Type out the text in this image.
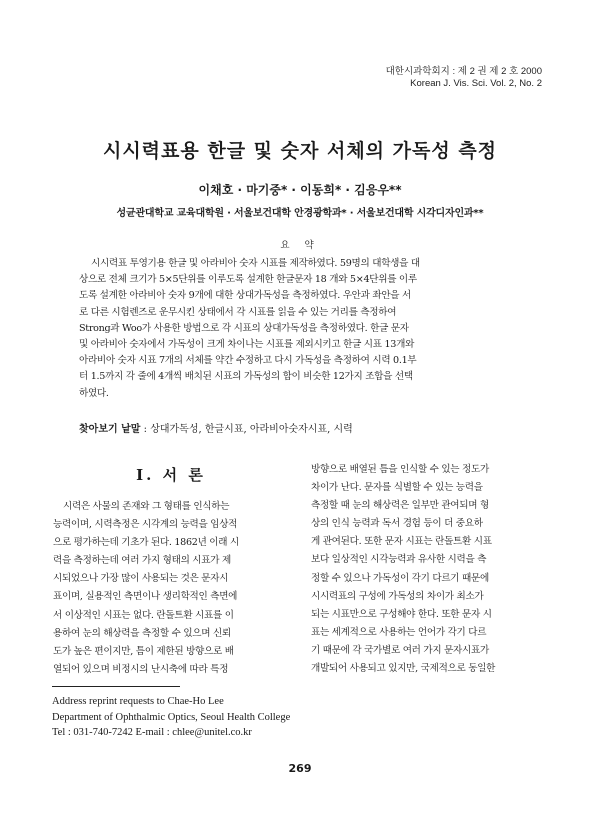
대한시과학회지 : 제 2 권 제 2 호 2000
Korean J. Vis. Sci. Vol. 2, No. 2
시시력표용 한글 및 숫자 서체의 가독성 측정
이채호 · 마기중* · 이동희* · 김응우**
성균관대학교 교육대학원 · 서울보건대학 안경광학과* · 서울보건대학 시각디자인과**
요 약
시시력표 투영기용 한글 및 아라비아 숫자 시표를 제작하였다. 59명의 대학생을 대
상으로 전체 크기가 5×5단위를 이루도록 설계한 한글문자 18 개와 5×4단위를 이루
도록 설계한 아라비아 숫자 9개에 대한 상대가독성을 측정하였다. 우안과 좌안을 서
로 다른 시험렌즈로 운무시킨 상태에서 각 시표를 읽을 수 있는 거리를 측정하여
Strong과 Woo가 사용한 방법으로 각 시표의 상대가독성을 측정하였다. 한글 문자
및 아라비아 숫자에서 가독성이 크게 차이나는 시표를 제외시키고 한글 시표 13개와
아라비아 숫자 시표 7개의 서체를 약간 수정하고 다시 가독성을 측정하여 시력 0.1부
터 1.5까지 각 줄에 4개씩 배치된 시표의 가독성의 합이 비슷한 12가지 조합을 선택
하였다.
찾아보기 낱말 : 상대가독성, 한글시표, 아라비아숫자시표, 시력
I. 서 론
시력은 사물의 존재와 그 형태를 인식하는
능력이며, 시력측정은 시각계의 능력을 임상적
으로 평가하는데 기초가 된다. 1862년 이래 시
력을 측정하는데 여러 가지 형태의 시표가 제
시되었으나 가장 많이 사용되는 것은 문자시
표이며, 실용적인 측면이나 생리학적인 측면에
서 이상적인 시표는 없다. 란돌트환 시표를 이
용하여 눈의 해상력을 측정할 수 있으며 신뢰
도가 높은 편이지만, 틈이 제한된 방향으로 배
열되어 있으며 비정시의 난시축에 따라 특정
방향으로 배열된 틈을 인식할 수 있는 정도가
차이가 난다. 문자를 식별할 수 있는 능력을
측정할 때 눈의 해상력은 일부만 관여되며 형
상의 인식 능력과 독서 경험 등이 더 중요하
게 관여된다. 또한 문자 시표는 란돌트환 시표
보다 일상적인 시각능력과 유사한 시력을 측
정할 수 있으나 가독성이 각기 다르기 때문에
시시력표의 구성에 가독성의 차이가 최소가
되는 시표만으로 구성해야 한다. 또한 문자 시
표는 세계적으로 사용하는 언어가 각기 다르
기 때문에 각 국가별로 여러 가지 문자시표가
개발되어 사용되고 있지만, 국제적으로 동일한
Address reprint requests to Chae-Ho Lee
Department of Ophthalmic Optics, Seoul Health College
Tel : 031-740-7242 E-mail : chlee@unitel.co.kr
269
